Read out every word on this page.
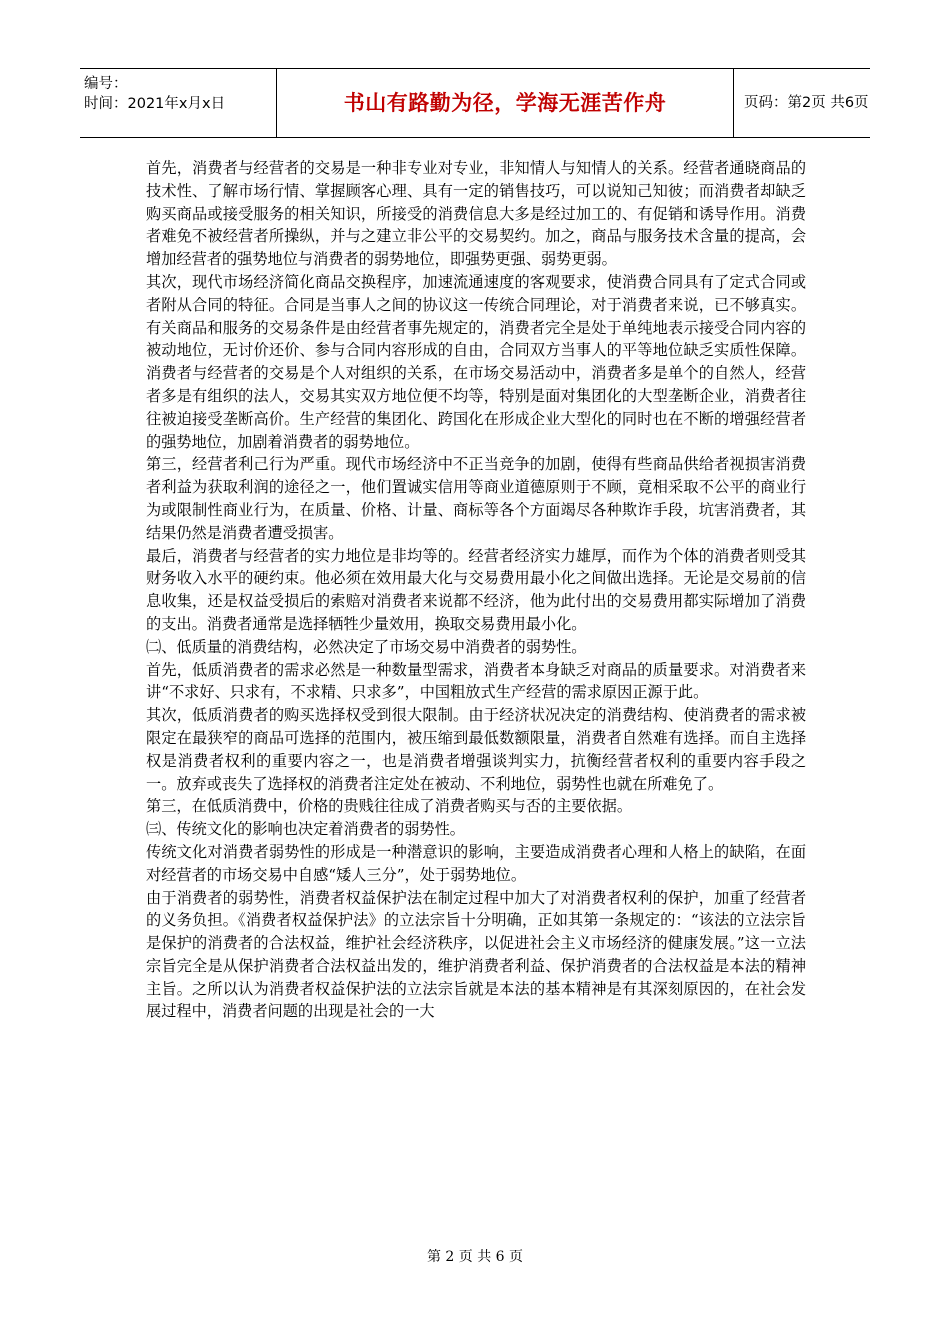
编号：
时间：2021年x月x日	书山有路勤为径，学海无涯苦作舟	页码：第2页 共6页

首先，消费者与经营者的交易是一种非专业对专业，非知情人与知情人的关系。经营者通晓商品的技术性、了解市场行情、掌握顾客心理、具有一定的销售技巧，可以说知己知彼；而消费者却缺乏购买商品或接受服务的相关知识，所接受的消费信息大多是经过加工的、有促销和诱导作用。消费者难免不被经营者所操纵，并与之建立非公平的交易契约。加之，商品与服务技术含量的提高，会增加经营者的强势地位与消费者的弱势地位，即强势更强、弱势更弱。

其次，现代市场经济简化商品交换程序，加速流通速度的客观要求，使消费合同具有了定式合同或者附从合同的特征。合同是当事人之间的协议这一传统合同理论，对于消费者来说，已不够真实。有关商品和服务的交易条件是由经营者事先规定的，消费者完全是处于单纯地表示接受合同内容的被动地位，无讨价还价、参与合同内容形成的自由，合同双方当事人的平等地位缺乏实质性保障。消费者与经营者的交易是个人对组织的关系，在市场交易活动中，消费者多是单个的自然人，经营者多是有组织的法人，交易其实双方地位便不均等，特别是面对集团化的大型垄断企业，消费者往往被迫接受垄断高价。生产经营的集团化、跨国化在形成企业大型化的同时也在不断的增强经营者的强势地位，加剧着消费者的弱势地位。

第三，经营者利己行为严重。现代市场经济中不正当竞争的加剧，使得有些商品供给者视损害消费者利益为获取利润的途径之一，他们置诚实信用等商业道德原则于不顾，竟相采取不公平的商业行为或限制性商业行为，在质量、价格、计量、商标等各个方面竭尽各种欺诈手段，坑害消费者，其结果仍然是消费者遭受损害。

最后，消费者与经营者的实力地位是非均等的。经营者经济实力雄厚，而作为个体的消费者则受其财务收入水平的硬约束。他必须在效用最大化与交易费用最小化之间做出选择。无论是交易前的信息收集，还是权益受损后的索赔对消费者来说都不经济，他为此付出的交易费用都实际增加了消费的支出。消费者通常是选择牺牲少量效用，换取交易费用最小化。

㈡、低质量的消费结构，必然决定了市场交易中消费者的弱势性。

首先，低质消费者的需求必然是一种数量型需求，消费者本身缺乏对商品的质量要求。对消费者来讲“不求好、只求有，不求精、只求多”，中国粗放式生产经营的需求原因正源于此。

其次，低质消费者的购买选择权受到很大限制。由于经济状况决定的消费结构、使消费者的需求被限定在最狭窄的商品可选择的范围内，被压缩到最低数额限量，消费者自然难有选择。而自主选择权是消费者权利的重要内容之一，也是消费者增强谈判实力，抗衡经营者权利的重要内容手段之一。放弃或丧失了选择权的消费者注定处在被动、不利地位，弱势性也就在所难免了。

第三，在低质消费中，价格的贵贱往往成了消费者购买与否的主要依据。

㈢、传统文化的影响也决定着消费者的弱势性。

传统文化对消费者弱势性的形成是一种潜意识的影响，主要造成消费者心理和人格上的缺陷，在面对经营者的市场交易中自感“矮人三分”，处于弱势地位。

由于消费者的弱势性，消费者权益保护法在制定过程中加大了对消费者权利的保护，加重了经营者的义务负担。《消费者权益保护法》的立法宗旨十分明确，正如其第一条规定的：“该法的立法宗旨是保护的消费者的合法权益，维护社会经济秩序，以促进社会主义市场经济的健康发展。”这一立法宗旨完全是从保护消费者合法权益出发的，维护消费者利益、保护消费者的合法权益是本法的精神主旨。之所以认为消费者权益保护法的立法宗旨就是本法的基本精神是有其深刻原因的，在社会发展过程中，消费者问题的出现是社会的一大

第 2 页 共 6 页
